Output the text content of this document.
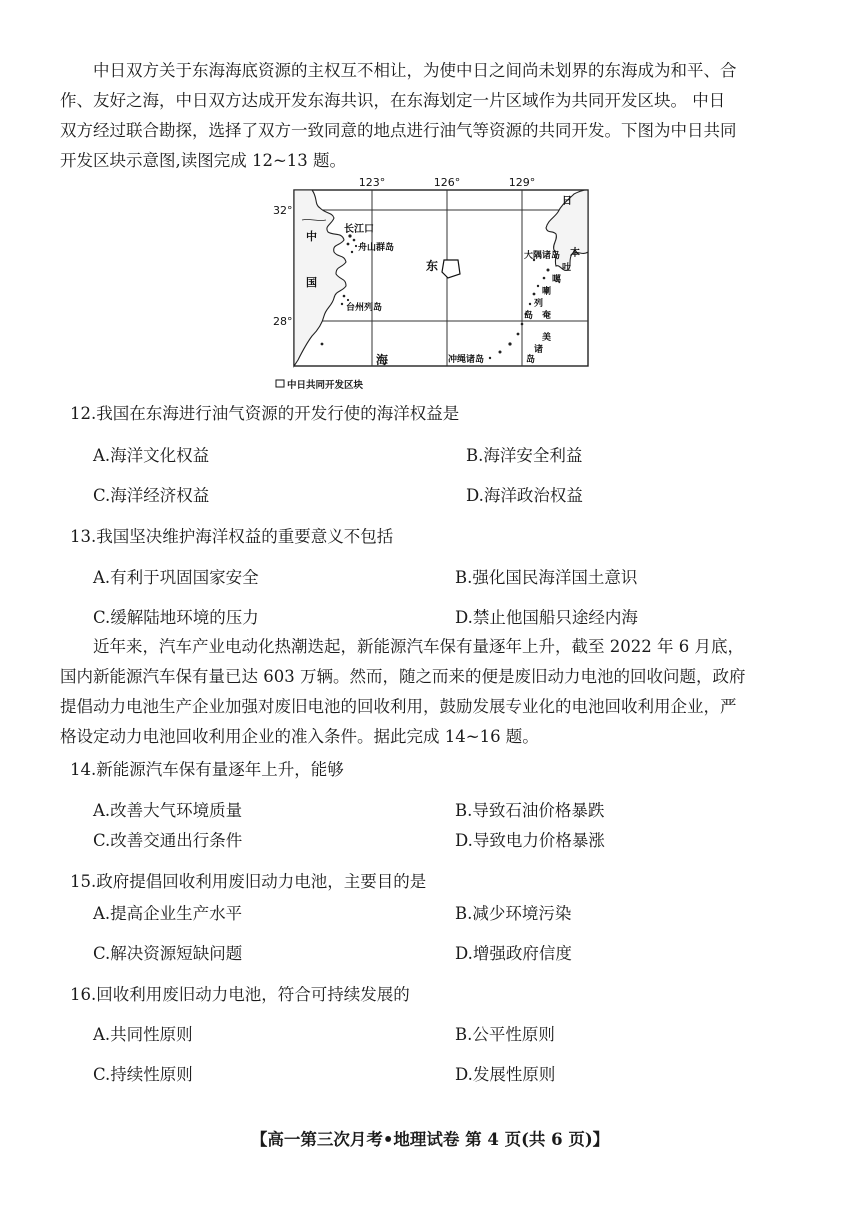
中日双方关于东海海底资源的主权互不相让，为使中日之间尚未划界的东海成为和平、合

作、友好之海，中日双方达成开发东海共识，在东海划定一片区域作为共同开发区块。 中日

双方经过联合勘探，选择了双方一致同意的地点进行油气等资源的共同开发。下图为中日共同

开发区块示意图,读图完成 12~13 题。

123°	126°	129°
32°
28°
日
本
中
国
长江口
舟山群岛
台州列岛
东
海
大隅诸岛
吐
噶
喇
列
岛 奄
美
诸
岛
冲绳诸岛
中日共同开发区块

12.我国在东海进行油气资源的开发行使的海洋权益是

A.海洋文化权益	B.海洋安全利益

C.海洋经济权益	D.海洋政治权益

13.我国坚决维护海洋权益的重要意义不包括

A.有利于巩固国家安全	B.强化国民海洋国土意识

C.缓解陆地环境的压力	D.禁止他国船只途经内海

近年来，汽车产业电动化热潮迭起，新能源汽车保有量逐年上升，截至 2022 年 6 月底，

国内新能源汽车保有量已达 603 万辆。然而，随之而来的便是废旧动力电池的回收问题，政府

提倡动力电池生产企业加强对废旧电池的回收利用，鼓励发展专业化的电池回收利用企业，严

格设定动力电池回收利用企业的准入条件。据此完成 14~16 题。

14.新能源汽车保有量逐年上升，能够

A.改善大气环境质量	B.导致石油价格暴跌

C.改善交通出行条件	D.导致电力价格暴涨

15.政府提倡回收利用废旧动力电池，主要目的是

A.提高企业生产水平	B.减少环境污染

C.解决资源短缺问题	D.增强政府信度

16.回收利用废旧动力电池，符合可持续发展的

A.共同性原则	B.公平性原则

C.持续性原则	D.发展性原则

【高一第三次月考•地理试卷 第 4 页(共 6 页)】
